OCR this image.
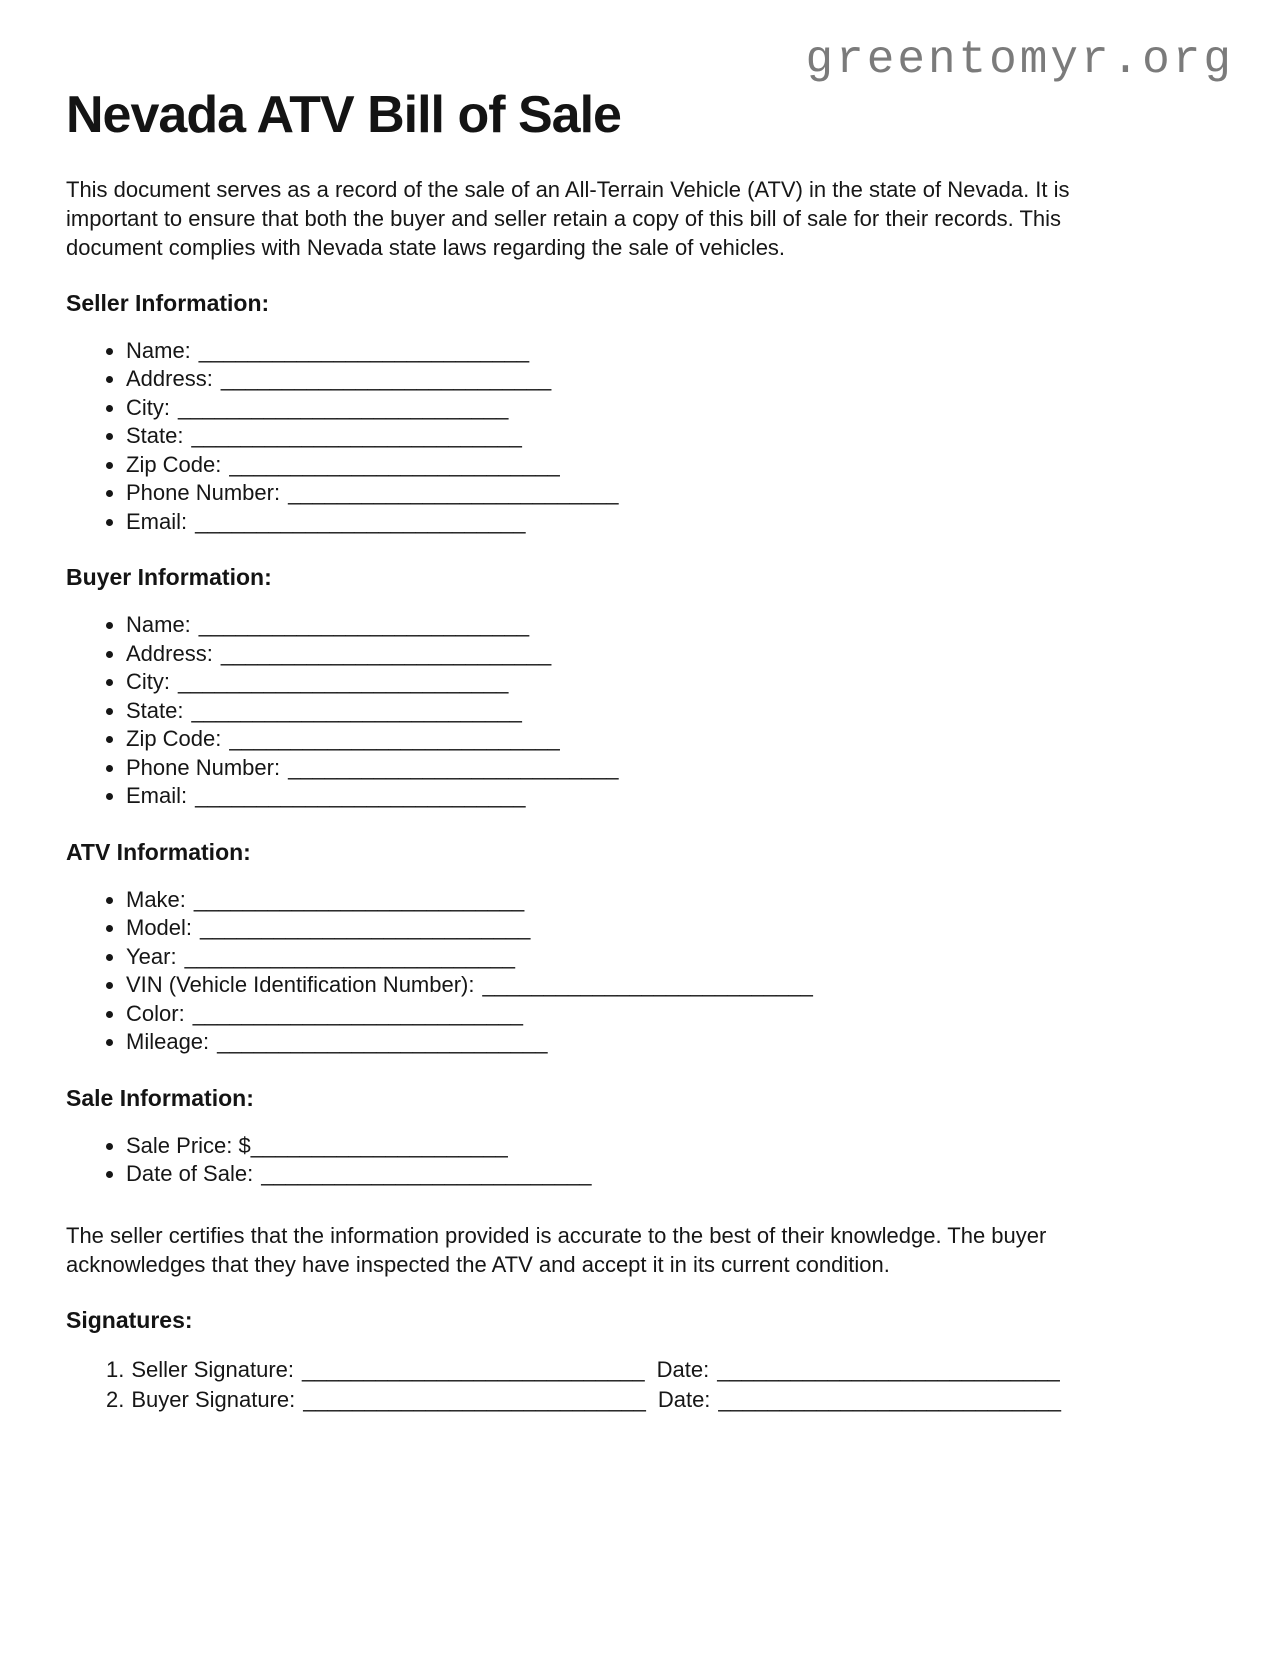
greentomyr.org
Nevada ATV Bill of Sale

This document serves as a record of the sale of an All-Terrain Vehicle (ATV) in the state of Nevada. It is important to ensure that both the buyer and seller retain a copy of this bill of sale for their records. This document complies with Nevada state laws regarding the sale of vehicles.

Seller Information:
• Name: ___________________________
• Address: ___________________________
• City: ___________________________
• State: ___________________________
• Zip Code: ___________________________
• Phone Number: ___________________________
• Email: ___________________________
Buyer Information:
• Name: ___________________________
• Address: ___________________________
• City: ___________________________
• State: ___________________________
• Zip Code: ___________________________
• Phone Number: ___________________________
• Email: ___________________________
ATV Information:
• Make: ___________________________
• Model: ___________________________
• Year: ___________________________
• VIN (Vehicle Identification Number): ___________________________
• Color: ___________________________
• Mileage: ___________________________
Sale Information:
• Sale Price: $_____________________
• Date of Sale: ___________________________

The seller certifies that the information provided is accurate to the best of their knowledge. The buyer acknowledges that they have inspected the ATV and accept it in its current condition.

Signatures:
1. Seller Signature: ____________________________ Date: ____________________________
2. Buyer Signature: ____________________________ Date: ____________________________
